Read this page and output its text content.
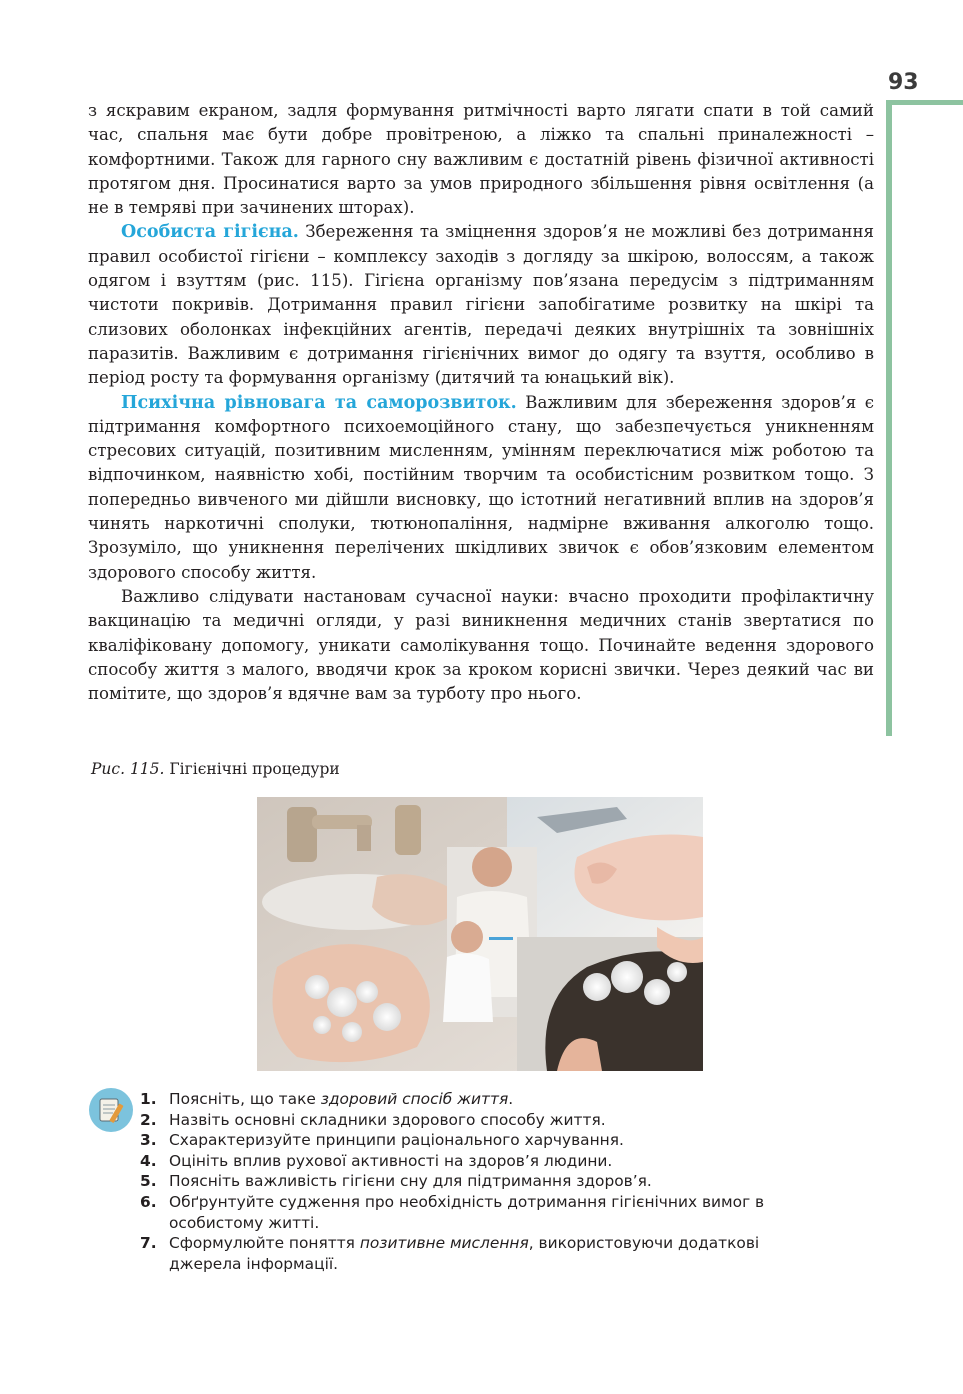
93

з яскравим екраном, задля формування ритмічності варто лягати спати в той самий час, спальня має бути добре провітреною, а ліжко та спальні приналежності – комфортними. Також для гарного сну важливим є достатній рівень фізичної активності протягом дня. Просинатися варто за умов природного збільшення рівня освітлення (а не в темряві при зачинених шторах).

Особиста гігієна. Збереження та зміцнення здоров’я не можливі без дотримання правил особистої гігієни – комплексу заходів з догляду за шкірою, волоссям, а також одягом і взуттям (рис. 115). Гігієна організму пов’язана передусім з підтриманням чистоти покривів. Дотримання правил гігієни запобігатиме розвитку на шкірі та слизових оболонках інфекційних агентів, передачі деяких внутрішніх та зовнішніх паразитів. Важливим є дотримання гігієнічних вимог до одягу та взуття, особливо в період росту та формування організму (дитячий та юнацький вік).

Психічна рівновага та саморозвиток. Важливим для збереження здоров’я є підтримання комфортного психоемоційного стану, що забезпечується уникненням стресових ситуацій, позитивним мисленням, умінням переключатися між роботою та відпочинком, наявністю хобі, постійним творчим та особистісним розвитком тощо. З попередньо вивченого ми дійшли висновку, що істотний негативний вплив на здоров’я чинять наркотичні сполуки, тютюнопаління, надмірне вживання алкоголю тощо. Зрозуміло, що уникнення перелічених шкідливих звичок є обов’язковим елементом здорового способу життя.

Важливо слідувати настановам сучасної науки: вчасно проходити профілактичну вакцинацію та медичні огляди, у разі виникнення медичних станів звертатися по кваліфіковану допомогу, уникати самолікування тощо. Починайте ведення здорового способу життя з малого, вводячи крок за кроком корисні звички. Через деякий час ви помітите, що здоров’я вдячне вам за турботу про нього.

Рис. 115. Гігієнічні процедури
1. Поясніть, що таке здоровий спосіб життя.
2. Назвіть основні складники здорового способу життя.
3. Схарактеризуйте принципи раціонального харчування.
4. Оцініть вплив рухової активності на здоров’я людини.
5. Поясніть важливість гігієни сну для підтримання здоров’я.
6. Обґрунтуйте судження про необхідність дотримання гігієнічних вимог в особистому житті.
7. Сформулюйте поняття позитивне мислення, використовуючи додаткові джерела інформації.
